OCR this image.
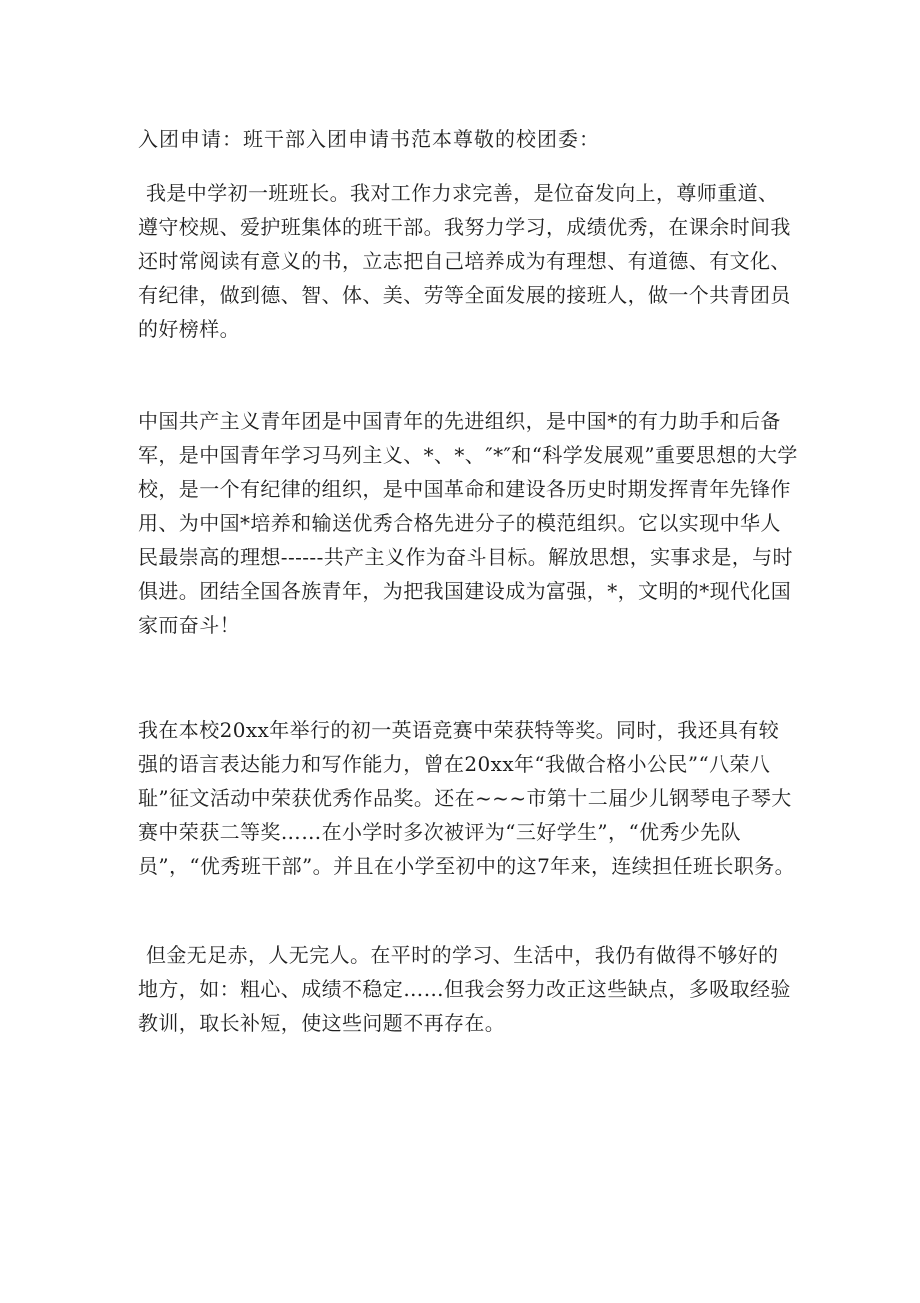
入团申请：班干部入团申请书范本尊敬的校团委：

我是中学初一班班长。我对工作力求完善，是位奋发向上，尊师重道、遵守校规、爱护班集体的班干部。我努力学习，成绩优秀，在课余时间我还时常阅读有意义的书，立志把自己培养成为有理想、有道德、有文化、有纪律，做到德、智、体、美、劳等全面发展的接班人，做一个共青团员的好榜样。

中国共产主义青年团是中国青年的先进组织，是中国*的有力助手和后备军，是中国青年学习马列主义、*、*、″*″和“科学发展观”重要思想的大学校，是一个有纪律的组织，是中国革命和建设各历史时期发挥青年先锋作用、为中国*培养和输送优秀合格先进分子的模范组织。它以实现中华人民最崇高的理想------共产主义作为奋斗目标。解放思想，实事求是，与时俱进。团结全国各族青年，为把我国建设成为富强，*，文明的*现代化国家而奋斗！

我在本校20xx年举行的初一英语竞赛中荣获特等奖。同时，我还具有较强的语言表达能力和写作能力，曾在20xx年“我做合格小公民”“八荣八耻”征文活动中荣获优秀作品奖。还在~~~市第十二届少儿钢琴电子琴大赛中荣获二等奖……在小学时多次被评为“三好学生”，“优秀少先队员”，“优秀班干部”。并且在小学至初中的这7年来，连续担任班长职务。

但金无足赤，人无完人。在平时的学习、生活中，我仍有做得不够好的地方，如：粗心、成绩不稳定……但我会努力改正这些缺点，多吸取经验教训，取长补短，使这些问题不再存在。
